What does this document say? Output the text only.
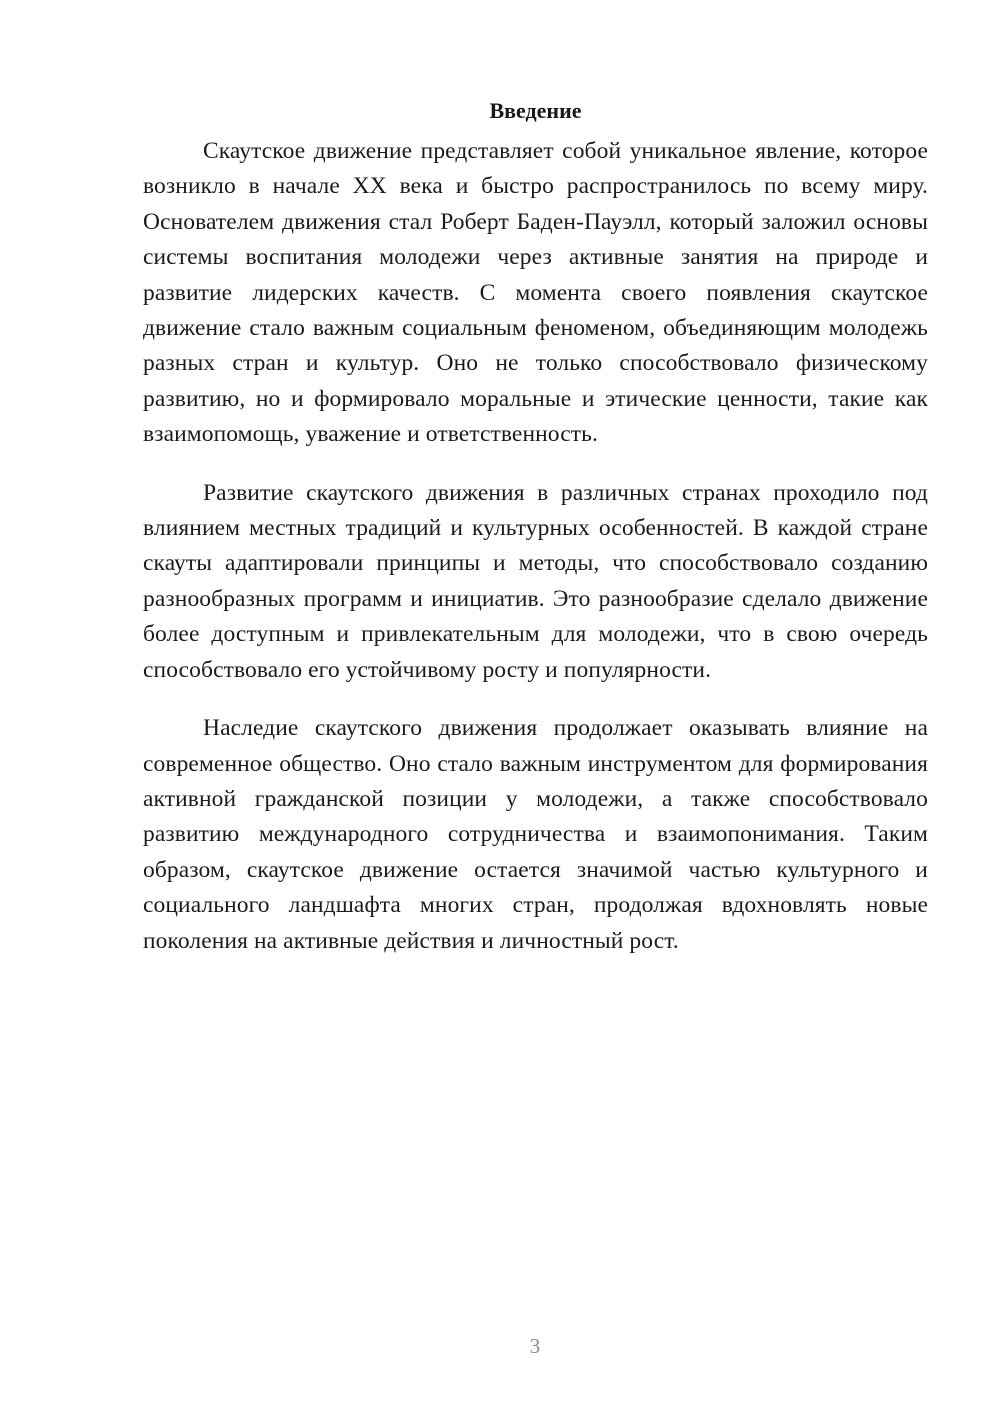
Введение

Скаутское движение представляет собой уникальное явление, которое возникло в начале XX века и быстро распространилось по всему миру. Основателем движения стал Роберт Баден-Пауэлл, который заложил основы системы воспитания молодежи через активные занятия на природе и развитие лидерских качеств. С момента своего появления скаутское движение стало важным социальным феноменом, объединяющим молодежь разных стран и культур. Оно не только способствовало физическому развитию, но и формировало моральные и этические ценности, такие как взаимопомощь, уважение и ответственность.

Развитие скаутского движения в различных странах проходило под влиянием местных традиций и культурных особенностей. В каждой стране скауты адаптировали принципы и методы, что способствовало созданию разнообразных программ и инициатив. Это разнообразие сделало движение более доступным и привлекательным для молодежи, что в свою очередь способствовало его устойчивому росту и популярности.

Наследие скаутского движения продолжает оказывать влияние на современное общество. Оно стало важным инструментом для формирования активной гражданской позиции у молодежи, а также способствовало развитию международного сотрудничества и взаимопонимания. Таким образом, скаутское движение остается значимой частью культурного и социального ландшафта многих стран, продолжая вдохновлять новые поколения на активные действия и личностный рост.

3
